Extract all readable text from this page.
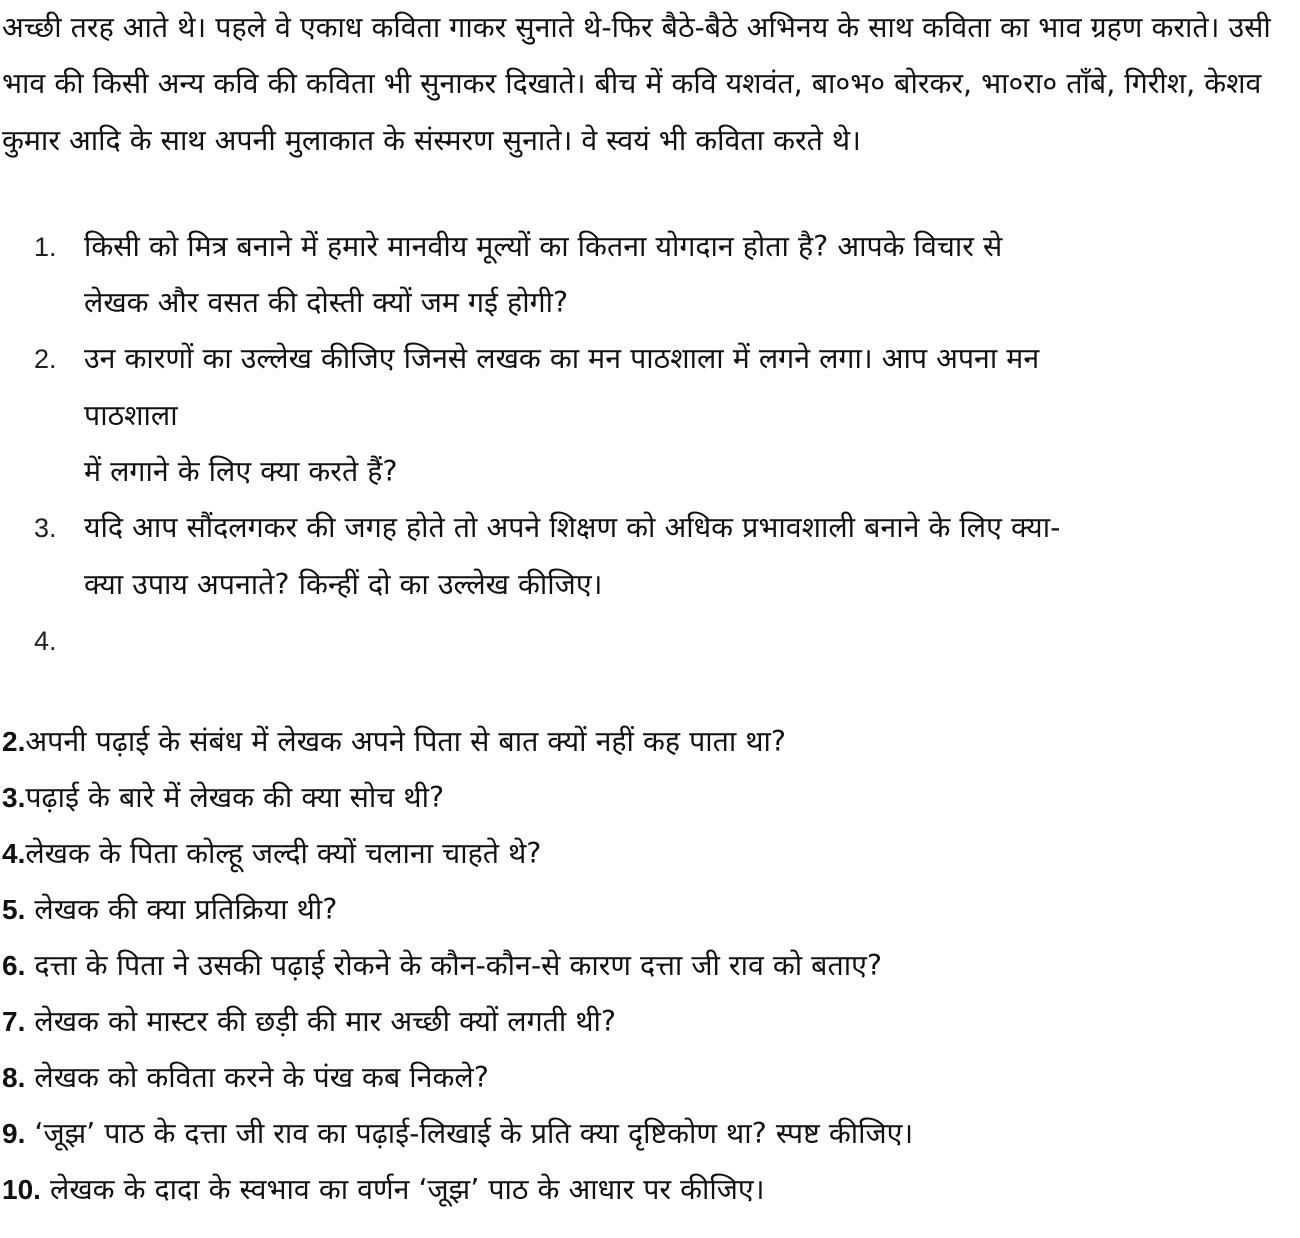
अच्छी तरह आते थे। पहले वे एकाध कविता गाकर सुनाते थे-फिर बैठे-बैठे अभिनय के साथ कविता का भाव ग्रहण कराते। उसी भाव की किसी अन्य कवि की कविता भी सुनाकर दिखाते। बीच में कवि यशवंत, बा०भ० बोरकर, भा०रा० ताँबे, गिरीश, केशव कुमार आदि के साथ अपनी मुलाकात के संस्मरण सुनाते। वे स्वयं भी कविता करते थे।

1. किसी को मित्र बनाने में हमारे मानवीय मूल्यों का कितना योगदान होता है? आपके विचार से
लेखक और वसत की दोस्ती क्यों जम गई होगी?
2. उन कारणों का उल्लेख कीजिए जिनसे लखक का मन पाठशाला में लगने लगा। आप अपना मन
पाठशाला
में लगाने के लिए क्या करते हैं?
3. यदि आप सौंदलगकर की जगह होते तो अपने शिक्षण को अधिक प्रभावशाली बनाने के लिए क्या-
क्या उपाय अपनाते? किन्हीं दो का उल्लेख कीजिए।
4.

2.अपनी पढ़ाई के संबंध में लेखक अपने पिता से बात क्यों नहीं कह पाता था?
3.पढ़ाई के बारे में लेखक की क्या सोच थी?
4.लेखक के पिता कोल्हू जल्दी क्यों चलाना चाहते थे?
5. लेखक की क्या प्रतिक्रिया थी?
6. दत्ता के पिता ने उसकी पढ़ाई रोकने के कौन-कौन-से कारण दत्ता जी राव को बताए?
7. लेखक को मास्टर की छड़ी की मार अच्छी क्यों लगती थी?
8. लेखक को कविता करने के पंख कब निकले?
9. ‘जूझ’ पाठ के दत्ता जी राव का पढ़ाई-लिखाई के प्रति क्या दृष्टिकोण था? स्पष्ट कीजिए।
10. लेखक के दादा के स्वभाव का वर्णन ‘जूझ’ पाठ के आधार पर कीजिए।
